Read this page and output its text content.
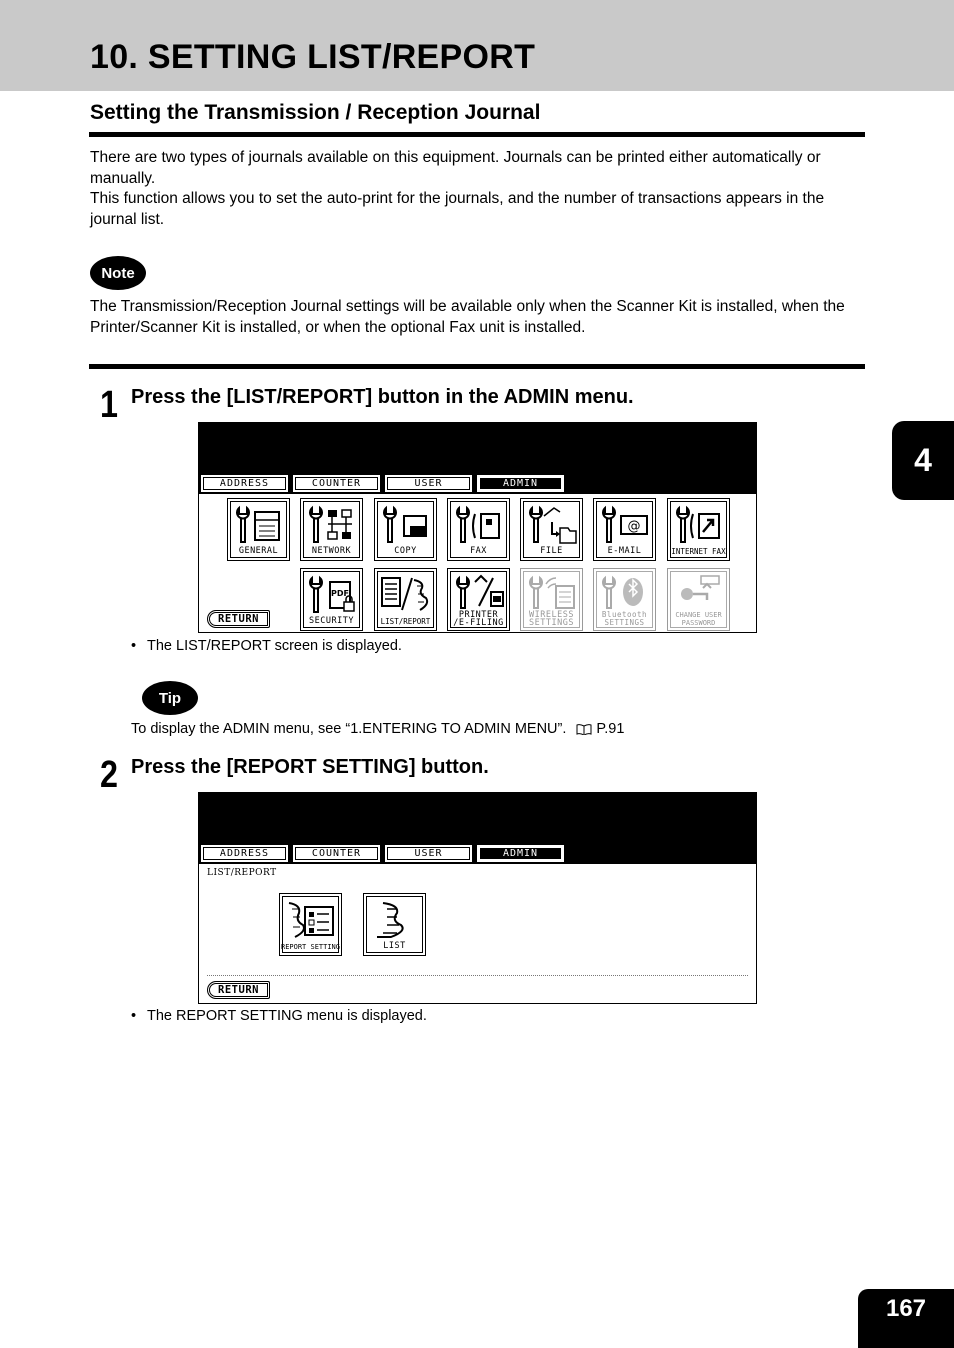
10. SETTING LIST/REPORT
Setting the Transmission / Reception Journal
There are two types of journals available on this equipment. Journals can be printed either automatically or manually.
This function allows you to set the auto-print for the journals, and the number of transactions appears in the journal list.
Note
The Transmission/Reception Journal settings will be available only when the Scanner Kit is installed, when the Printer/Scanner Kit is installed, or when the optional Fax unit is installed.
1 Press the [LIST/REPORT] button in the ADMIN menu.
ADDRESS	COUNTER	USER	ADMIN
GENERAL	NETWORK	COPY	FAX	FILE
@
E-MAIL	INTERNET FAX
RETURN
PDF
SECURITY	LIST/REPORT
PRINTER
/E-FILING
WIRELESS
SETTINGS
Bluetooth
SETTINGS
CHANGE USER
PASSWORD
• The LIST/REPORT screen is displayed.
Tip
To display the ADMIN menu, see “1.ENTERING TO ADMIN MENU”. P.91
2 Press the [REPORT SETTING] button.
ADDRESS	COUNTER	USER	ADMIN
LIST/REPORT
REPORT SETTING	LIST
RETURN
• The REPORT SETTING menu is displayed.
4
167
